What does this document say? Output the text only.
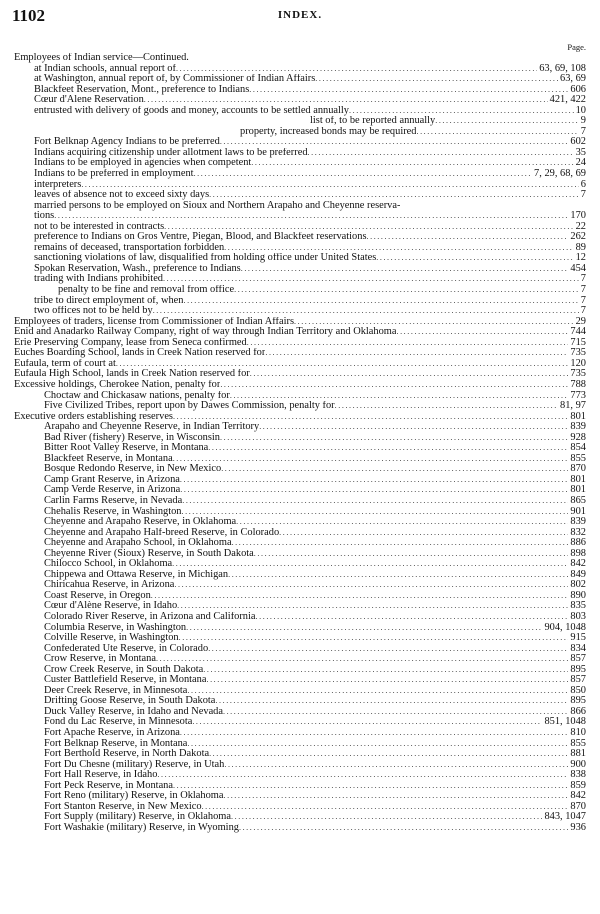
1102	INDEX.
Page.
Employees of Indian service—Continued.
at Indian schools, annual report of .....	63, 69, 108
at Washington, annual report of, by Commissioner of Indian Affairs .....	63, 69
Blackfeet Reservation, Mont., preference to Indians .....	606
Cœur d'Alene Reservation .....	421, 422
entrusted with delivery of goods and money, accounts to be settled annually .....	10
list of, to be reported annually .....	9
property, increased bonds may be required .....	7
Fort Belknap Agency Indians to be preferred .....	602
Indians acquiring citizenship under allotment laws to be preferred .....	35
Indians to be employed in agencies when competent .....	24
Indians to be preferred in employment .....	7, 29, 68, 69
interpreters .....	6
leaves of absence not to exceed sixty days .....	7
married persons to be employed on Sioux and Northern Arapaho and Cheyenne reserva-
tions .....	170
not to be interested in contracts .....	22
preference to Indians on Gros Ventre, Piegan, Blood, and Blackfeet reservations .....	262
remains of deceased, transportation forbidden .....	89
sanctioning violations of law, disqualified from holding office under United States .....	12
Spokan Reservation, Wash., preference to Indians .....	454
trading with Indians prohibited .....	7
penalty to be fine and removal from office .....	7
tribe to direct employment of, when .....	7
two offices not to be held by .....	7
Employees of traders, license from Commissioner of Indian Affairs .....	29
Enid and Anadarko Railway Company, right of way through Indian Territory and Oklahoma .....	744
Erie Preserving Company, lease from Seneca confirmed .....	715
Euches Boarding School, lands in Creek Nation reserved for .....	735
Eufaula, term of court at .....	120
Eufaula High School, lands in Creek Nation reserved for .....	735
Excessive holdings, Cherokee Nation, penalty for .....	788
Choctaw and Chickasaw nations, penalty for .....	773
Five Civilized Tribes, report upon by Dawes Commission, penalty for .....	81, 97
Executive orders establishing reserves .....	801
Arapaho and Cheyenne Reserve, in Indian Territory .....	839
Bad River (fishery) Reserve, in Wisconsin .....	928
Bitter Root Valley Reserve, in Montana .....	854
Blackfeet Reserve, in Montana .....	855
Bosque Redondo Reserve, in New Mexico .....	870
Camp Grant Reserve, in Arizona .....	801
Camp Verde Reserve, in Arizona .....	801
Carlin Farms Reserve, in Nevada .....	865
Chehalis Reserve, in Washington .....	901
Cheyenne and Arapaho Reserve, in Oklahoma .....	839
Cheyenne and Arapaho Half-breed Reserve, in Colorado .....	832
Cheyenne and Arapaho School, in Oklahoma .....	886
Cheyenne River (Sioux) Reserve, in South Dakota .....	898
Chilocco School, in Oklahoma .....	842
Chippewa and Ottawa Reserve, in Michigan .....	849
Chiricahua Reserve, in Arizona .....	802
Coast Reserve, in Oregon .....	890
Cœur d'Alène Reserve, in Idaho .....	835
Colorado River Reserve, in Arizona and California .....	803
Columbia Reserve, in Washington .....	904, 1048
Colville Reserve, in Washington .....	915
Confederated Ute Reserve, in Colorado .....	834
Crow Reserve, in Montana .....	857
Crow Creek Reserve, in South Dakota .....	895
Custer Battlefield Reserve, in Montana .....	857
Deer Creek Reserve, in Minnesota .....	850
Drifting Goose Reserve, in South Dakota .....	895
Duck Valley Reserve, in Idaho and Nevada .....	866
Fond du Lac Reserve, in Minnesota .....	851, 1048
Fort Apache Reserve, in Arizona .....	810
Fort Belknap Reserve, in Montana .....	855
Fort Berthold Reserve, in North Dakota .....	881
Fort Du Chesne (military) Reserve, in Utah .....	900
Fort Hall Reserve, in Idaho .....	838
Fort Peck Reserve, in Montana .....	859
Fort Reno (military) Reserve, in Oklahoma .....	842
Fort Stanton Reserve, in New Mexico .....	870
Fort Supply (military) Reserve, in Oklahoma .....	843, 1047
Fort Washakie (military) Reserve, in Wyoming .....	936
